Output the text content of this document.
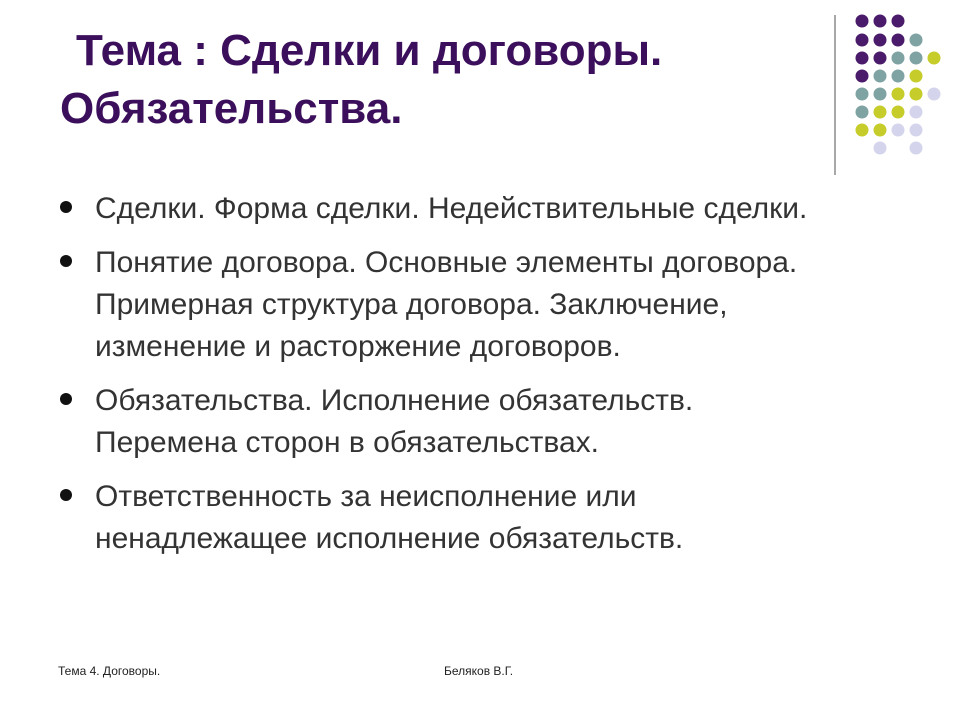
Тема : Сделки и договоры.
Обязательства.
Сделки. Форма сделки. Недействительные сделки.
Понятие договора. Основные элементы договора. Примерная структура договора. Заключение, изменение и расторжение договоров.
Обязательства. Исполнение обязательств. Перемена сторон в обязательствах.
Ответственность за неисполнение или ненадлежащее исполнение обязательств.
Тема 4. Договоры.	Беляков В.Г.
